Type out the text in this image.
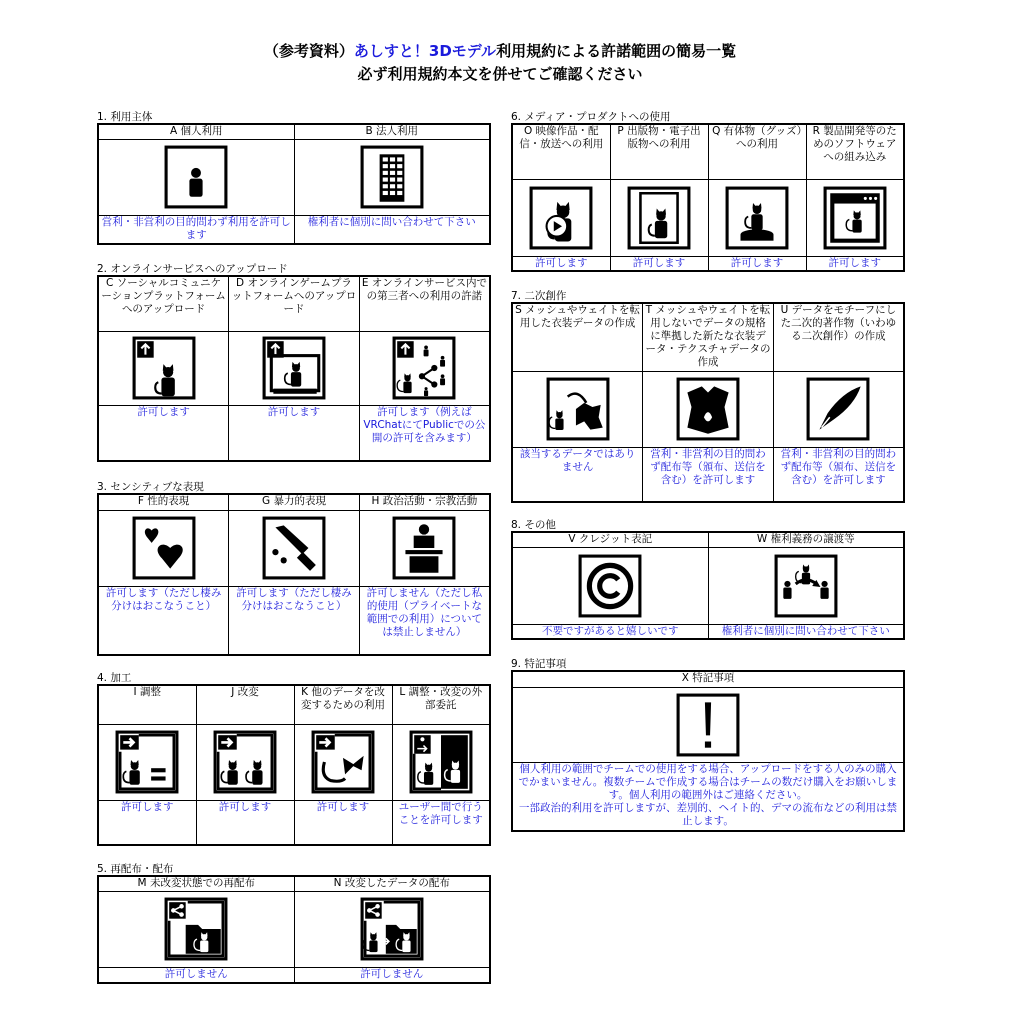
（参考資料）あしすと！3Dモデル利用規約による許諾範囲の簡易一覧
必ず利用規約本文を併せてご確認ください
1. 利用主体
A 個人利用	B 法人利用

営利・非営利の目的問わず利用を許可します	権利者に個別に問い合わせて下さい
2. オンラインサービスへのアップロード
C ソーシャルコミュニケーションプラットフォームへのアップロード	D オンラインゲームプラットフォームへのアップロード	E オンラインサービス内での第三者への利用の許諾

許可します	許可します	許可します（例えばVRChatにてPublicでの公開の許可を含みます）
3. センシティブな表現
F 性的表現	G 暴力的表現	H 政治活動・宗教活動

許可します（ただし棲み分けはおこなうこと）	許可します（ただし棲み分けはおこなうこと）	許可しません（ただし私的使用（プライベートな範囲での利用）については禁止しません）
4. 加工
I 調整	J 改変	K 他のデータを改変するための利用	L 調整・改変の外部委託

許可します	許可します	許可します	ユーザー間で行うことを許可します
5. 再配布・配布
M 未改変状態での再配布	N 改変したデータの配布

許可しません	許可しません
6. メディア・プロダクトへの使用
O 映像作品・配信・放送への利用	P 出版物・電子出版物への利用	Q 有体物（グッズ）への利用	R 製品開発等のためのソフトウェアへの組み込み

許可します	許可します	許可します	許可します
7. 二次創作
S メッシュやウェイトを転用した衣装データの作成	T メッシュやウェイトを転用しないでデータの規格に準拠した新たな衣装データ・テクスチャデータの作成	U データをモチーフにした二次的著作物（いわゆる二次創作）の作成

該当するデータではありません	営利・非営利の目的問わず配布等（頒布、送信を含む）を許可します	営利・非営利の目的問わず配布等（頒布、送信を含む）を許可します
8. その他
V クレジット表記	W 権利義務の譲渡等

不要ですがあると嬉しいです	権利者に個別に問い合わせて下さい
9. 特記事項
X 特記事項

個人利用の範囲でチームでの使用をする場合、アップロードをする人のみの購入でかまいません。複数チームで作成する場合はチームの数だけ購入をお願いします。個人利用の範囲外はご連絡ください。
一部政治的利用を許可しますが、差別的、ヘイト的、デマの流布などの利用は禁止します。
